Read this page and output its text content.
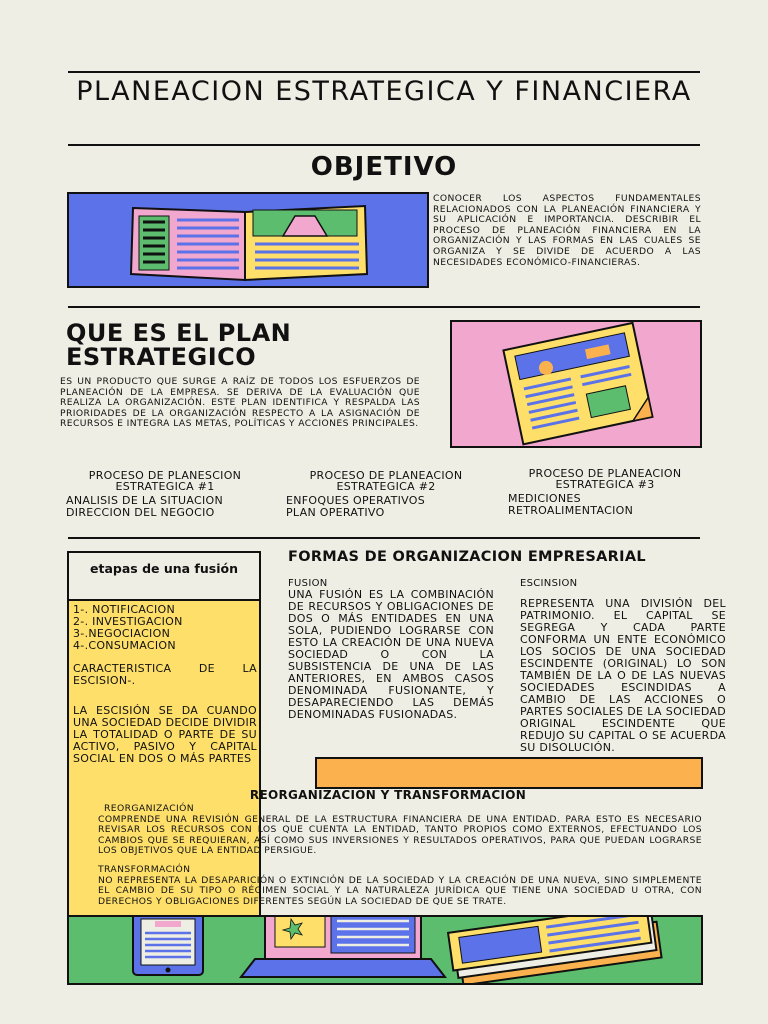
PLANEACION ESTRATEGICA Y FINANCIERA
OBJETIVO
CONOCER LOS ASPECTOS FUNDAMENTALES RELACIONADOS CON LA PLANEACIÓN FINANCIERA Y SU APLICACIÓN E IMPORTANCIA. DESCRIBIR EL PROCESO DE PLANEACIÓN FINANCIERA EN LA ORGANIZACIÓN Y LAS FORMAS EN LAS CUALES SE ORGANIZA Y SE DIVIDE DE ACUERDO A LAS NECESIDADES ECONÓMICO-FINANCIERAS.
QUE ES EL PLAN ESTRATEGICO
ES UN PRODUCTO QUE SURGE A RAÍZ DE TODOS LOS ESFUERZOS DE PLANEACIÓN DE LA EMPRESA. SE DERIVA DE LA EVALUACIÓN QUE REALIZA LA ORGANIZACIÓN. ESTE PLAN IDENTIFICA Y RESPALDA LAS PRIORIDADES DE LA ORGANIZACIÓN RESPECTO A LA ASIGNACIÓN DE RECURSOS E INTEGRA LAS METAS, POLÍTICAS Y ACCIONES PRINCIPALES.
PROCESO DE PLANESCION ESTRATEGICA #1
ANALISIS DE LA SITUACION
DIRECCION DEL NEGOCIO
PROCESO DE PLANEACION ESTRATEGICA #2
ENFOQUES OPERATIVOS
PLAN OPERATIVO
PROCESO DE PLANEACION ESTRATEGICA #3
MEDICIONES
RETROALIMENTACION
etapas de una fusión
1-. NOTIFICACION
2-. INVESTIGACION
3-.NEGOCIACION
4-.CONSUMACION
CARACTERISTICA DE LA ESCISION-.
LA ESCISIÓN SE DA CUANDO UNA SOCIEDAD DECIDE DIVIDIR LA TOTALIDAD O PARTE DE SU ACTIVO, PASIVO Y CAPITAL SOCIAL EN DOS O MÁS PARTES
FORMAS DE ORGANIZACION EMPRESARIAL
FUSION
UNA FUSIÓN ES LA COMBINACIÓN DE RECURSOS Y OBLIGACIONES DE DOS O MÁS ENTIDADES EN UNA SOLA, PUDIENDO LOGRARSE CON ESTO LA CREACIÓN DE UNA NUEVA SOCIEDAD O CON LA SUBSISTENCIA DE UNA DE LAS ANTERIORES, EN AMBOS CASOS DENOMINADA FUSIONANTE, Y DESAPARECIENDO LAS DEMÁS DENOMINADAS FUSIONADAS.
ESCINSION
REPRESENTA UNA DIVISIÓN DEL PATRIMONIO. EL CAPITAL SE SEGREGA Y CADA PARTE CONFORMA UN ENTE ECONÓMICO LOS SOCIOS DE UNA SOCIEDAD ESCINDENTE (ORIGINAL) LO SON TAMBIÉN DE LA O DE LAS NUEVAS SOCIEDADES ESCINDIDAS A CAMBIO DE LAS ACCIONES O PARTES SOCIALES DE LA SOCIEDAD ORIGINAL ESCINDENTE QUE REDUJO SU CAPITAL O SE ACUERDA SU DISOLUCIÓN.
REORGANIZACIÓN Y TRANSFORMACIÓN
REORGANIZACIÓN
COMPRENDE UNA REVISIÓN GENERAL DE LA ESTRUCTURA FINANCIERA DE UNA ENTIDAD. PARA ESTO ES NECESARIO REVISAR LOS RECURSOS CON LOS QUE CUENTA LA ENTIDAD, TANTO PROPIOS COMO EXTERNOS, EFECTUANDO LOS CAMBIOS QUE SE REQUIERAN, ASÍ COMO SUS INVERSIONES Y RESULTADOS OPERATIVOS, PARA QUE PUEDAN LOGRARSE LOS OBJETIVOS QUE LA ENTIDAD PERSIGUE.
TRANSFORMACIÓN
NO REPRESENTA LA DESAPARICIÓN O EXTINCIÓN DE LA SOCIEDAD Y LA CREACIÓN DE UNA NUEVA, SINO SIMPLEMENTE EL CAMBIO DE SU TIPO O RÉGIMEN SOCIAL Y LA NATURALEZA JURÍDICA QUE TIENE UNA SOCIEDAD U OTRA, CON DERECHOS Y OBLIGACIONES DIFERENTES SEGÚN LA SOCIEDAD DE QUE SE TRATE.
